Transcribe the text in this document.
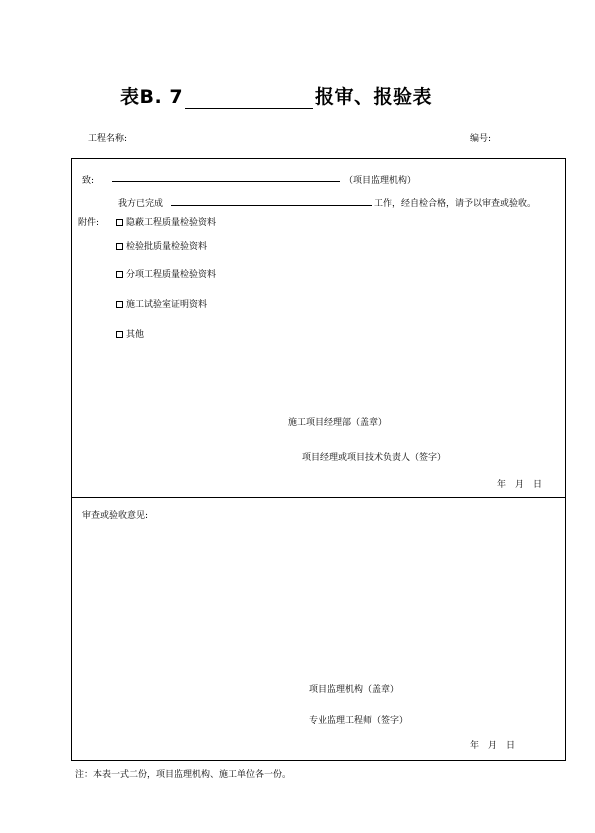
表B. 7	报审、报验表
工程名称:	编号:
致:	（项目监理机构）
我方已完成	工作，经自检合格，请予以审查或验收。
附件:	隐蔽工程质量检验资料
检验批质量检验资料
分项工程质量检验资料
施工试验室证明资料
其他
施工项目经理部（盖章）
项目经理或项目技术负责人（签字）
年　月　日
审查或验收意见:
项目监理机构（盖章）
专业监理工程师（签字）
年　月　日
注：本表一式二份，项目监理机构、施工单位各一份。
